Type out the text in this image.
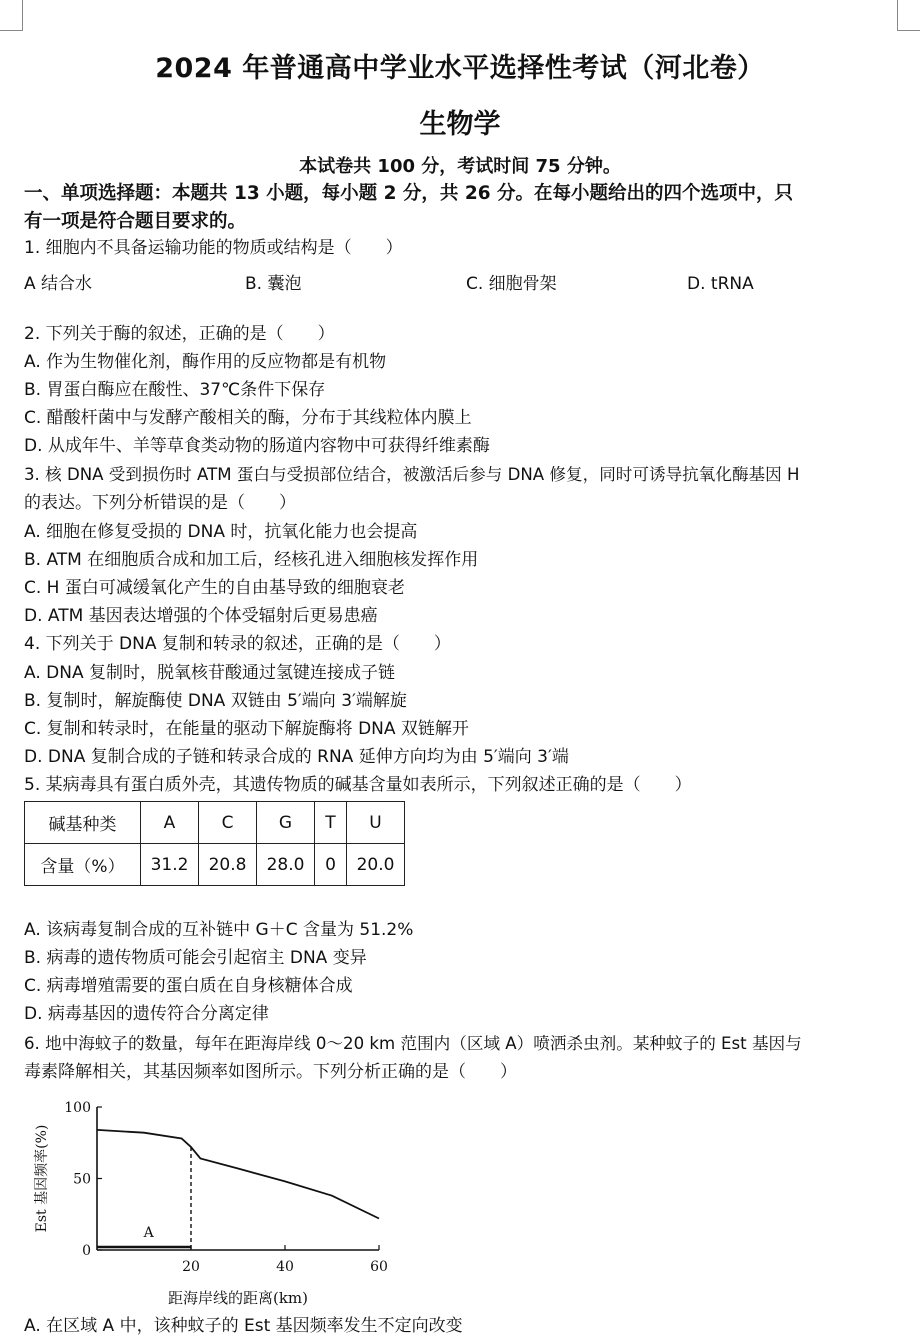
2024 年普通高中学业水平选择性考试（河北卷）
生物学
本试卷共 100 分，考试时间 75 分钟。
一、单项选择题：本题共 13 小题，每小题 2 分，共 26 分。在每小题给出的四个选项中，只
有一项是符合题目要求的。
1. 细胞内不具备运输功能的物质或结构是（　　）
A 结合水	B. 囊泡	C. 细胞骨架	D. tRNA
2. 下列关于酶的叙述，正确的是（　　）
A. 作为生物催化剂，酶作用的反应物都是有机物
B. 胃蛋白酶应在酸性、37℃条件下保存
C. 醋酸杆菌中与发酵产酸相关的酶，分布于其线粒体内膜上
D. 从成年牛、羊等草食类动物的肠道内容物中可获得纤维素酶
3. 核 DNA 受到损伤时 ATM 蛋白与受损部位结合，被激活后参与 DNA 修复，同时可诱导抗氧化酶基因 H
的表达。下列分析错误的是（　　）
A. 细胞在修复受损的 DNA 时，抗氧化能力也会提高
B. ATM 在细胞质合成和加工后，经核孔进入细胞核发挥作用
C. H 蛋白可减缓氧化产生的自由基导致的细胞衰老
D. ATM 基因表达增强的个体受辐射后更易患癌
4. 下列关于 DNA 复制和转录的叙述，正确的是（　　）
A. DNA 复制时，脱氧核苷酸通过氢键连接成子链
B. 复制时，解旋酶使 DNA 双链由 5′端向 3′端解旋
C. 复制和转录时，在能量的驱动下解旋酶将 DNA 双链解开
D. DNA 复制合成的子链和转录合成的 RNA 延伸方向均为由 5′端向 3′端
5. 某病毒具有蛋白质外壳，其遗传物质的碱基含量如表所示，下列叙述正确的是（　　）
碱基种类	A	C	G	T	U
含量（%）	31.2	20.8	28.0	0	20.0
A. 该病毒复制合成的互补链中 G＋C 含量为 51.2%
B. 病毒的遗传物质可能会引起宿主 DNA 变异
C. 病毒增殖需要的蛋白质在自身核糖体合成
D. 病毒基因的遗传符合分离定律
6. 地中海蚊子的数量，每年在距海岸线 0～20 km 范围内（区域 A）喷洒杀虫剂。某种蚊子的 Est 基因与
毒素降解相关，其基因频率如图所示。下列分析正确的是（　　）
0
50
100
20	40	60
A
距海岸线的距离(km)
Est 基因频率(%)
A. 在区域 A 中，该种蚊子的 Est 基因频率发生不定向改变
